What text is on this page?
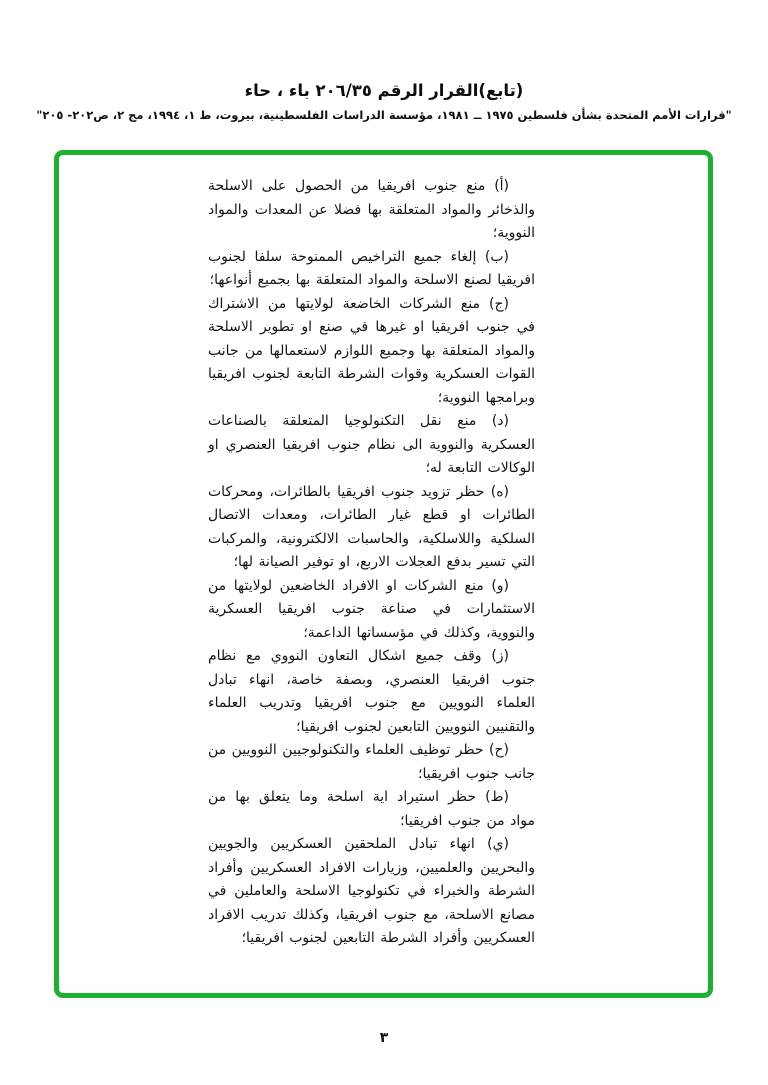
(تابع)القرار الرقم ٢٠٦/٣٥ باء ، حاء
"قرارات الأمم المتحدة بشأن فلسطين ١٩٧٥ ــ ١٩٨١، مؤسسة الدراسات الفلسطينية، بيروت، ط ١، ١٩٩٤، مج ٢، ص٢٠٢- ٢٠٥"

(أ) منع جنوب افريقيا من الحصول على الاسلحة والذخائر والمواد المتعلقة بها فضلا عن المعدات والمواد النووية؛

(ب) إلغاء جميع التراخيص الممنوحة سلفا لجنوب افريقيا لصنع الاسلحة والمواد المتعلقة بها بجميع أنواعها؛

(ج) منع الشركات الخاضعة لولايتها من الاشتراك في جنوب افريقيا او غيرها في صنع او تطوير الاسلحة والمواد المتعلقة بها وجميع اللوازم لاستعمالها من جانب القوات العسكرية وقوات الشرطة التابعة لجنوب افريقيا وبرامجها النووية؛

(د) منع نقل التكنولوجيا المتعلقة بالصناعات العسكرية والنووية الى نظام جنوب افريقيا العنصري او الوكالات التابعة له؛

(ه) حظر تزويد جنوب افريقيا بالطائرات، ومحركات الطائرات او قطع غيار الطائرات، ومعدات الاتصال السلكية واللاسلكية، والحاسبات الالكترونية، والمركبات التي تسير بدفع العجلات الاربع، او توفير الصيانة لها؛

(و) منع الشركات او الافراد الخاضعين لولايتها من الاستثمارات في صناعة جنوب افريقيا العسكرية والنووية، وكذلك في مؤسساتها الداعمة؛

(ز) وقف جميع اشكال التعاون النووي مع نظام جنوب افريقيا العنصري، وبصفة خاصة، انهاء تبادل العلماء النوويين مع جنوب افريقيا وتدريب العلماء والتقنيين النوويين التابعين لجنوب افريقيا؛

(ح) حظر توظيف العلماء والتكنولوجيين النوويين من جانب جنوب افريقيا؛

(ط) حظر استيراد اية اسلحة وما يتعلق بها من مواد من جنوب افريقيا؛

(ي) انهاء تبادل الملحقين العسكريين والجويين والبحريين والعلميين، وزيارات الافراد العسكريين وأفراد الشرطة والخبراء في تكنولوجيا الاسلحة والعاملين في مصانع الاسلحة، مع جنوب افريقيا، وكذلك تدريب الافراد العسكريين وأفراد الشرطة التابعين لجنوب افريقيا؛

٣
